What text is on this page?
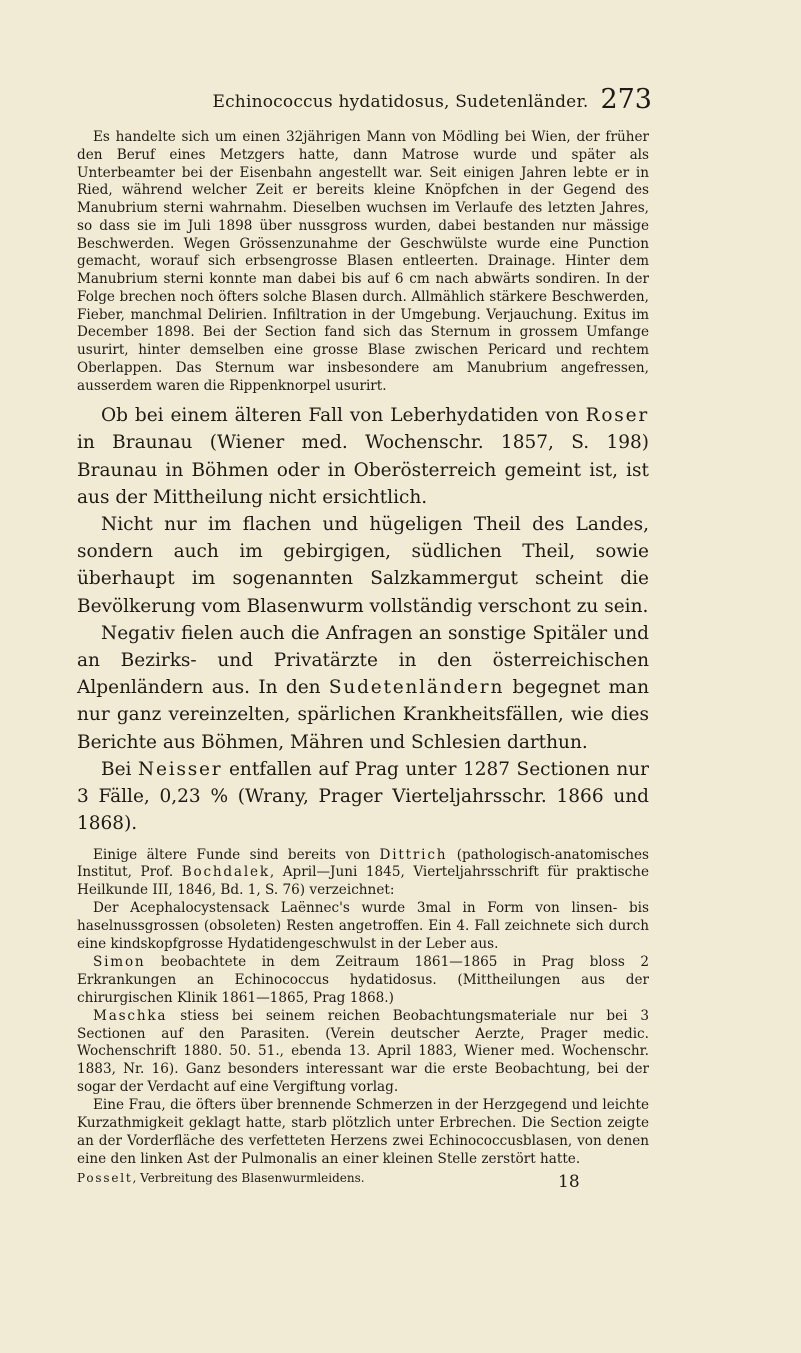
Echinococcus hydatidosus, Sudetenländer. 273

Es handelte sich um einen 32jährigen Mann von Mödling bei Wien, der früher den Beruf eines Metzgers hatte, dann Matrose wurde und später als Unterbeamter bei der Eisenbahn angestellt war. Seit einigen Jahren lebte er in Ried, während welcher Zeit er bereits kleine Knöpfchen in der Gegend des Manubrium sterni wahrnahm. Dieselben wuchsen im Verlaufe des letzten Jahres, so dass sie im Juli 1898 über nussgross wurden, dabei bestanden nur mässige Beschwerden. Wegen Grössenzunahme der Geschwülste wurde eine Punction gemacht, worauf sich erbsengrosse Blasen entleerten. Drainage. Hinter dem Manubrium sterni konnte man dabei bis auf 6 cm nach abwärts sondiren. In der Folge brechen noch öfters solche Blasen durch. Allmählich stärkere Beschwerden, Fieber, manchmal Delirien. Infiltration in der Umgebung. Verjauchung. Exitus im December 1898. Bei der Section fand sich das Sternum in grossem Umfange usurirt, hinter demselben eine grosse Blase zwischen Pericard und rechtem Oberlappen. Das Sternum war insbesondere am Manubrium angefressen, ausserdem waren die Rippenknorpel usurirt.

Ob bei einem älteren Fall von Leberhydatiden von Roser in Braunau (Wiener med. Wochenschr. 1857, S. 198) Braunau in Böhmen oder in Oberösterreich gemeint ist, ist aus der Mittheilung nicht ersichtlich.

Nicht nur im flachen und hügeligen Theil des Landes, sondern auch im gebirgigen, südlichen Theil, sowie überhaupt im sogenannten Salzkammergut scheint die Bevölkerung vom Blasenwurm vollständig verschont zu sein.

Negativ fielen auch die Anfragen an sonstige Spitäler und an Bezirks- und Privatärzte in den österreichischen Alpenländern aus. In den Sudetenländern begegnet man nur ganz vereinzelten, spärlichen Krankheitsfällen, wie dies Berichte aus Böhmen, Mähren und Schlesien darthun.

Bei Neisser entfallen auf Prag unter 1287 Sectionen nur 3 Fälle, 0,23 % (Wrany, Prager Vierteljahrsschr. 1866 und 1868).

Einige ältere Funde sind bereits von Dittrich (pathologisch-anatomisches Institut, Prof. Bochdalek, April—Juni 1845, Vierteljahrsschrift für praktische Heilkunde III, 1846, Bd. 1, S. 76) verzeichnet:

Der Acephalocystensack Laënnec's wurde 3mal in Form von linsen- bis haselnussgrossen (obsoleten) Resten angetroffen. Ein 4. Fall zeichnete sich durch eine kindskopfgrosse Hydatidengeschwulst in der Leber aus.

Simon beobachtete in dem Zeitraum 1861—1865 in Prag bloss 2 Erkrankungen an Echinococcus hydatidosus. (Mittheilungen aus der chirurgischen Klinik 1861—1865, Prag 1868.)

Maschka stiess bei seinem reichen Beobachtungsmateriale nur bei 3 Sectionen auf den Parasiten. (Verein deutscher Aerzte, Prager medic. Wochenschrift 1880. 50. 51., ebenda 13. April 1883, Wiener med. Wochenschr. 1883, Nr. 16). Ganz besonders interessant war die erste Beobachtung, bei der sogar der Verdacht auf eine Vergiftung vorlag.

Eine Frau, die öfters über brennende Schmerzen in der Herzgegend und leichte Kurzathmigkeit geklagt hatte, starb plötzlich unter Erbrechen. Die Section zeigte an der Vorderfläche des verfetteten Herzens zwei Echinococcusblasen, von denen eine den linken Ast der Pulmonalis an einer kleinen Stelle zerstört hatte.

Posselt, Verbreitung des Blasenwurmleidens.	18
